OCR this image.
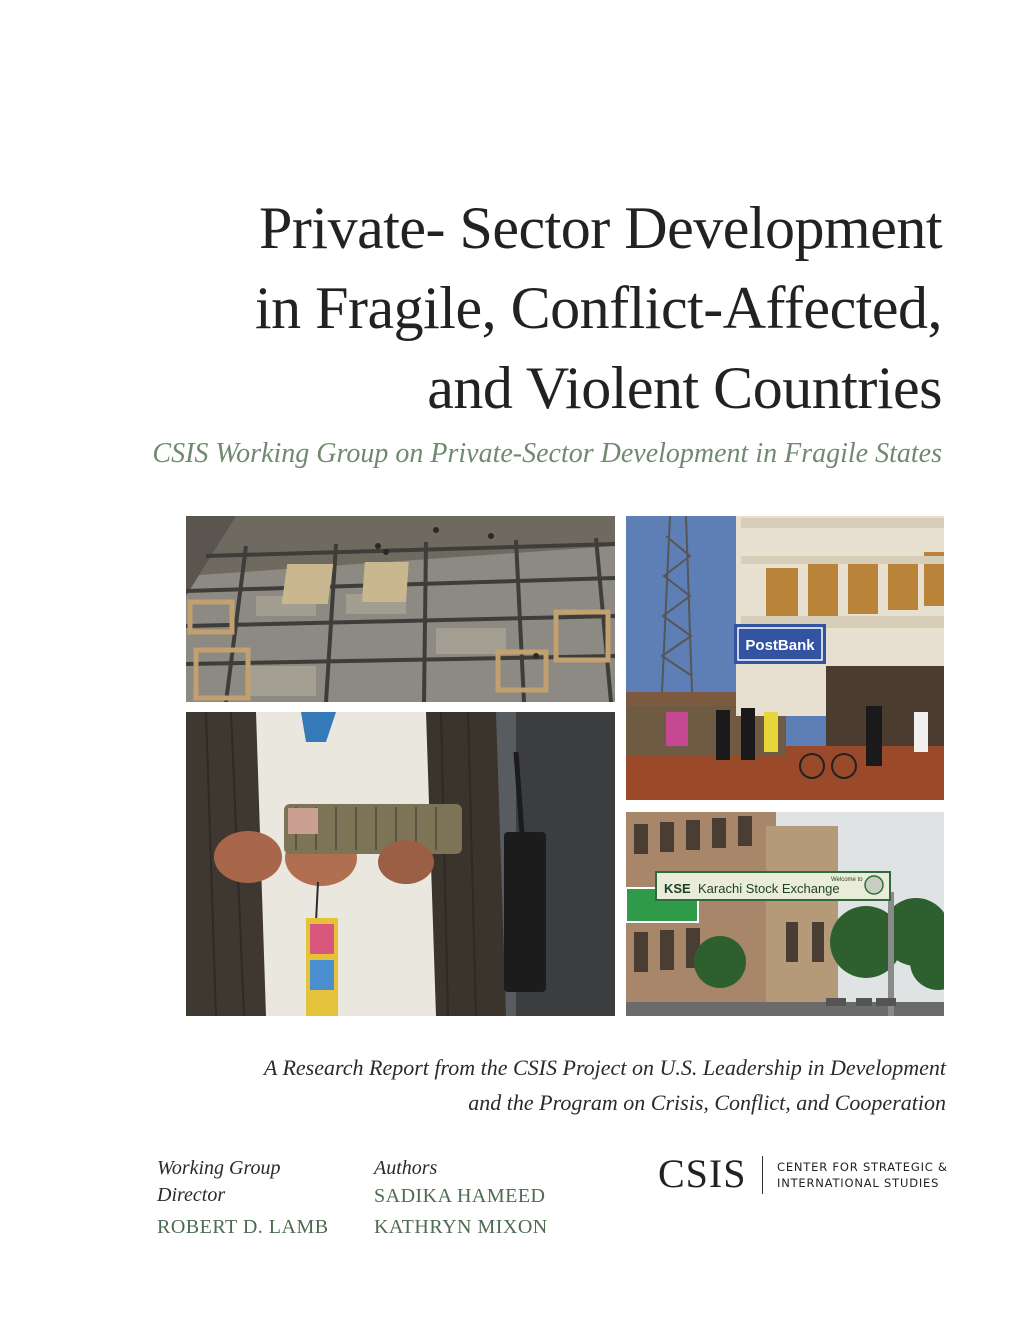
Private- Sector Development
in Fragile, Conflict-Affected,
and Violent Countries
CSIS Working Group on Private-Sector Development in Fragile States
PostBank
KSE Karachi Stock Exchange
Welcome to
A Research Report from the CSIS Project on U.S. Leadership in Development
and the Program on Crisis, Conflict, and Cooperation
Working Group
Director
ROBERT D. LAMB
Authors
SADIKA HAMEED
KATHRYN MIXON
CSIS	CENTER FOR STRATEGIC &
INTERNATIONAL STUDIES
